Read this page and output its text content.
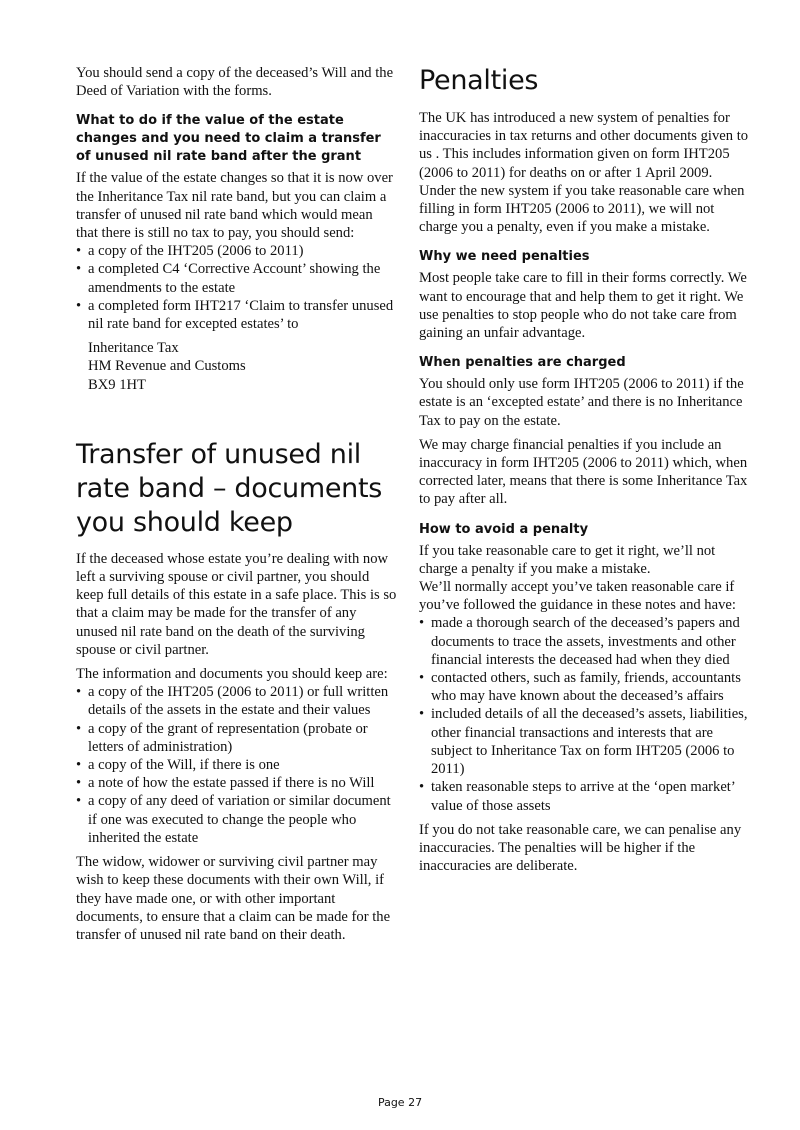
You should send a copy of the deceased’s Will and the Deed of Variation with the forms.

What to do if the value of the estate changes and you need to claim a transfer of unused nil rate band after the grant

If the value of the estate changes so that it is now over the Inheritance Tax nil rate band, but you can claim a transfer of unused nil rate band which would mean that there is still no tax to pay, you should send:

• a copy of the IHT205 (2006 to 2011)
• a completed C4 ‘Corrective Account’ showing the amendments to the estate
• a completed form IHT217 ‘Claim to transfer unused nil rate band for excepted estates’ to
Inheritance Tax
HM Revenue and Customs
BX9 1HT
Transfer of unused nil rate band – documents you should keep

If the deceased whose estate you’re dealing with now left a surviving spouse or civil partner, you should keep full details of this estate in a safe place. This is so that a claim may be made for the transfer of any unused nil rate band on the death of the surviving spouse or civil partner.

The information and documents you should keep are:

• a copy of the IHT205 (2006 to 2011) or full written details of the assets in the estate and their values
• a copy of the grant of representation (probate or letters of administration)
• a copy of the Will, if there is one
• a note of how the estate passed if there is no Will
• a copy of any deed of variation or similar document if one was executed to change the people who inherited the estate

The widow, widower or surviving civil partner may wish to keep these documents with their own Will, if they have made one, or with other important documents, to ensure that a claim can be made for the transfer of unused nil rate band on their death.

Penalties

The UK has introduced a new system of penalties for inaccuracies in tax returns and other documents given to us . This includes information given on form IHT205 (2006 to 2011) for deaths on or after 1 April 2009. Under the new system if you take reasonable care when filling in form IHT205 (2006 to 2011), we will not charge you a penalty, even if you make a mistake.

Why we need penalties

Most people take care to fill in their forms correctly. We want to encourage that and help them to get it right. We use penalties to stop people who do not take care from gaining an unfair advantage.

When penalties are charged

You should only use form IHT205 (2006 to 2011) if the estate is an ‘excepted estate’ and there is no Inheritance Tax to pay on the estate.

We may charge financial penalties if you include an inaccuracy in form IHT205 (2006 to 2011) which, when corrected later, means that there is some Inheritance Tax to pay after all.

How to avoid a penalty

If you take reasonable care to get it right, we’ll not charge a penalty if you make a mistake.

We’ll normally accept you’ve taken reasonable care if you’ve followed the guidance in these notes and have:

• made a thorough search of the deceased’s papers and documents to trace the assets, investments and other financial interests the deceased had when they died
• contacted others, such as family, friends, accountants who may have known about the deceased’s affairs
• included details of all the deceased’s assets, liabilities, other financial transactions and interests that are subject to Inheritance Tax on form IHT205 (2006 to 2011)
• taken reasonable steps to arrive at the ‘open market’ value of those assets

If you do not take reasonable care, we can penalise any inaccuracies. The penalties will be higher if the inaccuracies are deliberate.

Page 27
